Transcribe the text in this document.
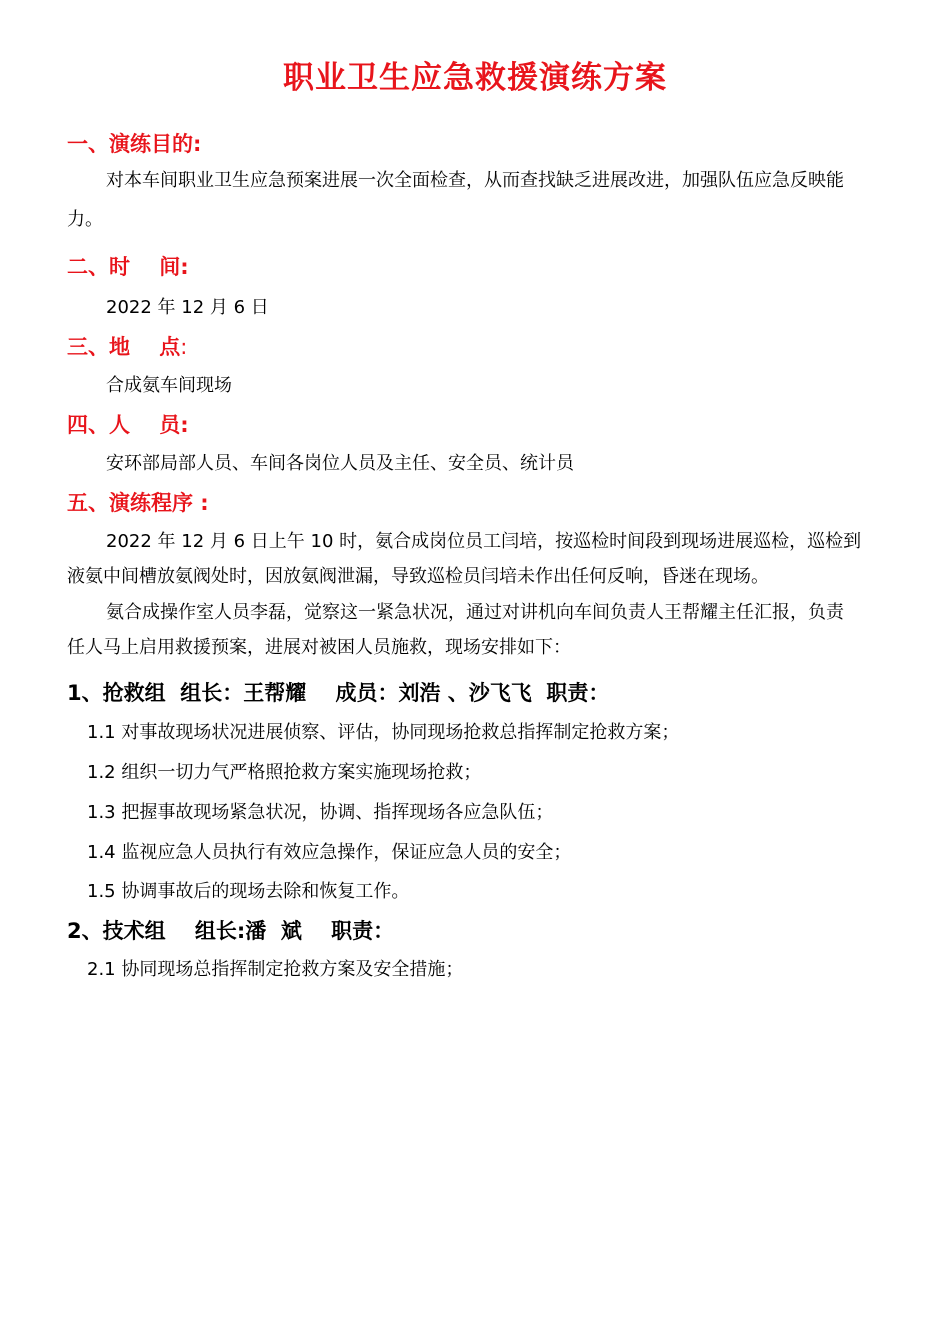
职业卫生应急救援演练方案
一、演练目的:
对本车间职业卫生应急预案进展一次全面检查，从而查找缺乏进展改进，加强队伍应急反映能
力。
二、时    间:
2022 年 12 月 6 日
三、地    点:
合成氨车间现场
四、人    员:
安环部局部人员、车间各岗位人员及主任、安全员、统计员
五、演练程序 :
2022 年 12 月 6 日上午 10 时，氨合成岗位员工闫培，按巡检时间段到现场进展巡检，巡检到
液氨中间槽放氨阀处时，因放氨阀泄漏，导致巡检员闫培未作出任何反响，昏迷在现场。
氨合成操作室人员李磊，觉察这一紧急状况，通过对讲机向车间负责人王帮耀主任汇报，负责
任人马上启用救援预案，进展对被困人员施救，现场安排如下：
1、抢救组  组长：王帮耀    成员：刘浩 、沙飞飞  职责：
1.1 对事故现场状况进展侦察、评估，协同现场抢救总指挥制定抢救方案；
1.2 组织一切力气严格照抢救方案实施现场抢救；
1.3 把握事故现场紧急状况，协调、指挥现场各应急队伍；
1.4 监视应急人员执行有效应急操作，保证应急人员的安全；
1.5 协调事故后的现场去除和恢复工作。
2、技术组    组长:潘  斌    职责：
2.1 协同现场总指挥制定抢救方案及安全措施；
